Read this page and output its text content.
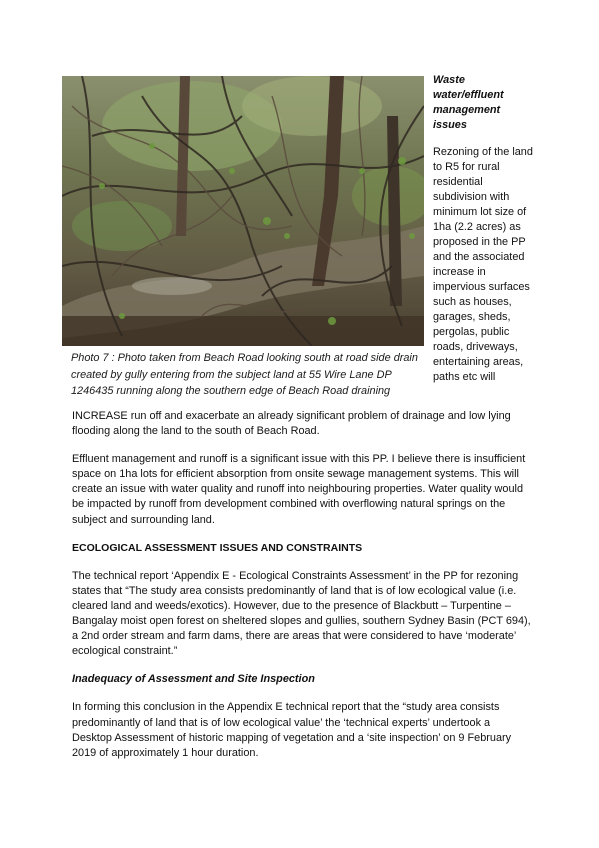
Photo 7 : Photo taken from Beach Road looking south at road side drain created by gully entering from the subject land at 55 Wire Lane DP 1246435 running along the southern edge of Beach Road draining
Waste water/effluent management issues
Rezoning of the land to R5 for rural residential subdivision with minimum lot size of 1ha (2.2 acres) as proposed in the PP and the associated increase in impervious surfaces such as houses, garages, sheds, pergolas, public roads, driveways, entertaining areas, paths etc will

INCREASE run off and exacerbate an already significant problem of drainage and low lying flooding along the land to the south of Beach Road.

Effluent management and runoff is a significant issue with this PP. I believe there is insufficient space on 1ha lots for efficient absorption from onsite sewage management systems. This will create an issue with water quality and runoff into neighbouring properties. Water quality would be impacted by runoff from development combined with overflowing natural springs on the subject and surrounding land.

ECOLOGICAL ASSESSMENT ISSUES AND CONSTRAINTS

The technical report ‘Appendix E - Ecological Constraints Assessment’ in the PP for rezoning states that “The study area consists predominantly of land that is of low ecological value (i.e. cleared land and weeds/exotics). However, due to the presence of Blackbutt – Turpentine – Bangalay moist open forest on sheltered slopes and gullies, southern Sydney Basin (PCT 694), a 2nd order stream and farm dams, there are areas that were considered to have ‘moderate’ ecological constraint.”

Inadequacy of Assessment and Site Inspection

In forming this conclusion in the Appendix E technical report that the “study area consists predominantly of land that is of low ecological value’ the ‘technical experts’ undertook a Desktop Assessment of historic mapping of vegetation and a ‘site inspection’ on 9 February 2019 of approximately 1 hour duration.
